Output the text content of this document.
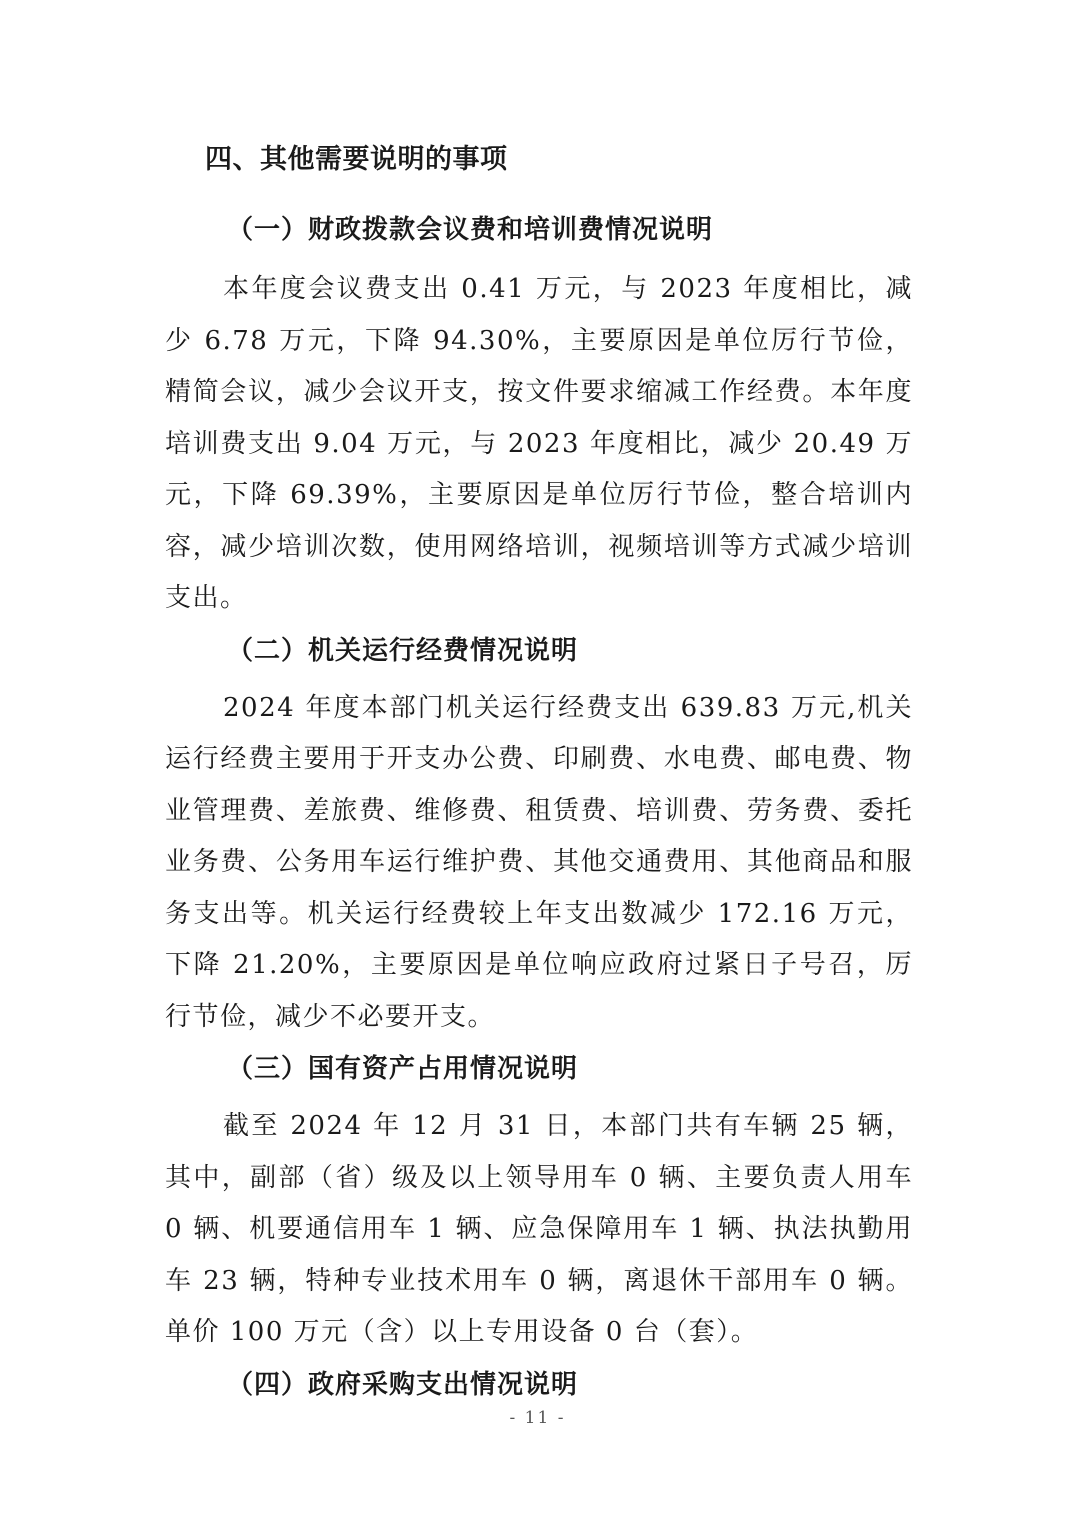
四、其他需要说明的事项
（一）财政拨款会议费和培训费情况说明

本年度会议费支出 0.41 万元，与 2023 年度相比，减少 6.78 万元，下降 94.30%，主要原因是单位厉行节俭，精简会议，减少会议开支，按文件要求缩减工作经费。本年度培训费支出 9.04 万元，与 2023 年度相比，减少 20.49 万元，下降 69.39%，主要原因是单位厉行节俭，整合培训内容，减少培训次数，使用网络培训，视频培训等方式减少培训支出。

（二）机关运行经费情况说明

2024 年度本部门机关运行经费支出 639.83 万元,机关运行经费主要用于开支办公费、印刷费、水电费、邮电费、物业管理费、差旅费、维修费、租赁费、培训费、劳务费、委托业务费、公务用车运行维护费、其他交通费用、其他商品和服务支出等。机关运行经费较上年支出数减少 172.16 万元，下降 21.20%，主要原因是单位响应政府过紧日子号召，厉行节俭，减少不必要开支。

（三）国有资产占用情况说明

截至 2024 年 12 月 31 日，本部门共有车辆 25 辆，其中，副部（省）级及以上领导用车 0 辆、主要负责人用车 0 辆、机要通信用车 1 辆、应急保障用车 1 辆、执法执勤用车 23 辆，特种专业技术用车 0 辆，离退休干部用车 0 辆。单价 100 万元（含）以上专用设备 0 台（套）。

（四）政府采购支出情况说明
- 11 -
